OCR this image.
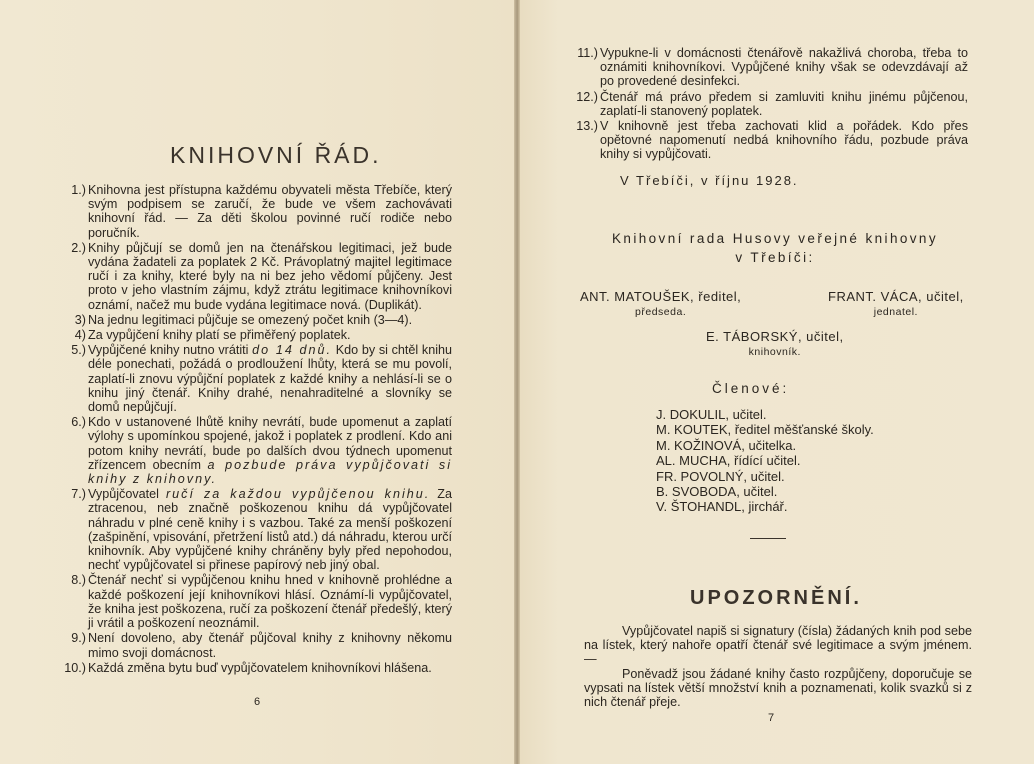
KNIHOVNÍ ŘÁD.
1.) Knihovna jest přístupna každému obyvateli města Třebíče, který svým podpisem se zaručí, že bude ve všem zachovávati knihovní řád. — Za děti školou povinné ručí rodiče nebo poručník.
2.) Knihy půjčují se domů jen na čtenářskou legitimaci, jež bude vydána žadateli za poplatek 2 Kč. Právoplatný majitel legitimace ručí i za knihy, které byly na ni bez jeho vědomí půjčeny. Jest proto v jeho vlastním zájmu, když ztrátu legitimace knihovníkovi oznámí, načež mu bude vydána legitimace nová. (Duplikát).
3) Na jednu legitimaci půjčuje se omezený počet knih (3—4).
4) Za vypůjčení knihy platí se přiměřený poplatek.
5.) Vypůjčené knihy nutno vrátiti do 14 dnů. Kdo by si chtěl knihu déle ponechati, požádá o prodloužení lhůty, která se mu povolí, zaplatí-li znovu výpůjční poplatek z každé knihy a nehlásí-li se o knihu jiný čtenář. Knihy drahé, nenahraditelné a slovníky se domů nepůjčují.
6.) Kdo v ustanovené lhůtě knihy nevrátí, bude upomenut a zaplatí výlohy s upomínkou spojené, jakož i poplatek z prodlení. Kdo ani potom knihy nevrátí, bude po dalších dvou týdnech upomenut zřízencem obecním a pozbude práva vypůjčovati si knihy z knihovny.
7.) Vypůjčovatel ručí za každou vypůjčenou knihu. Za ztracenou, neb značně poškozenou knihu dá vypůjčovatel náhradu v plné ceně knihy i s vazbou. Také za menší poškození (zašpinění, vpisování, přetržení listů atd.) dá náhradu, kterou určí knihovník. Aby vypůjčené knihy chráněny byly před nepohodou, nechť vypůjčovatel si přinese papírový neb jiný obal.
8.) Čtenář nechť si vypůjčenou knihu hned v knihovně prohlédne a každé poškození její knihovníkovi hlásí. Oznámí-li vypůjčovatel, že kniha jest poškozena, ručí za poškození čtenář předešlý, který ji vrátil a poškození neoznámil.
9.) Není dovoleno, aby čtenář půjčoval knihy z knihovny někomu mimo svoji domácnost.
10.) Každá změna bytu buď vypůjčovatelem knihovníkovi hlášena.
6
11.) Vypukne-li v domácnosti čtenářově nakažlivá choroba, třeba to oznámiti knihovníkovi. Vypůjčené knihy však se odevzdávají až po provedené desinfekci.
12.) Čtenář má právo předem si zamluviti knihu jinému půjčenou, zaplatí-li stanovený poplatek.
13.) V knihovně jest třeba zachovati klid a pořádek. Kdo přes opětovné napomenutí nedbá knihovního řádu, pozbude práva knihy si vypůjčovati.
V Třebíči, v říjnu 1928.
Knihovní rada Husovy veřejné knihovny
v Třebíči:
ANT. MATOUŠEK, ředitel,
předseda.
FRANT. VÁCA, učitel,
jednatel.
E. TÁBORSKÝ, učitel,
knihovník.
Členové:
J. DOKULIL, učitel.
M. KOUTEK, ředitel měšťanské školy.
M. KOŽINOVÁ, učitelka.
AL. MUCHA, řídící učitel.
FR. POVOLNÝ, učitel.
B. SVOBODA, učitel.
V. ŠTOHANDL, jirchář.
UPOZORNĚNÍ.

Vypůjčovatel napiš si signatury (čísla) žádaných knih pod sebe na lístek, který nahoře opatří čtenář své legitimace a svým jménem. —

Poněvadž jsou žádané knihy často rozpůjčeny, doporučuje se vypsati na lístek větší množství knih a poznamenati, kolik svazků si z nich čtenář přeje.

7
